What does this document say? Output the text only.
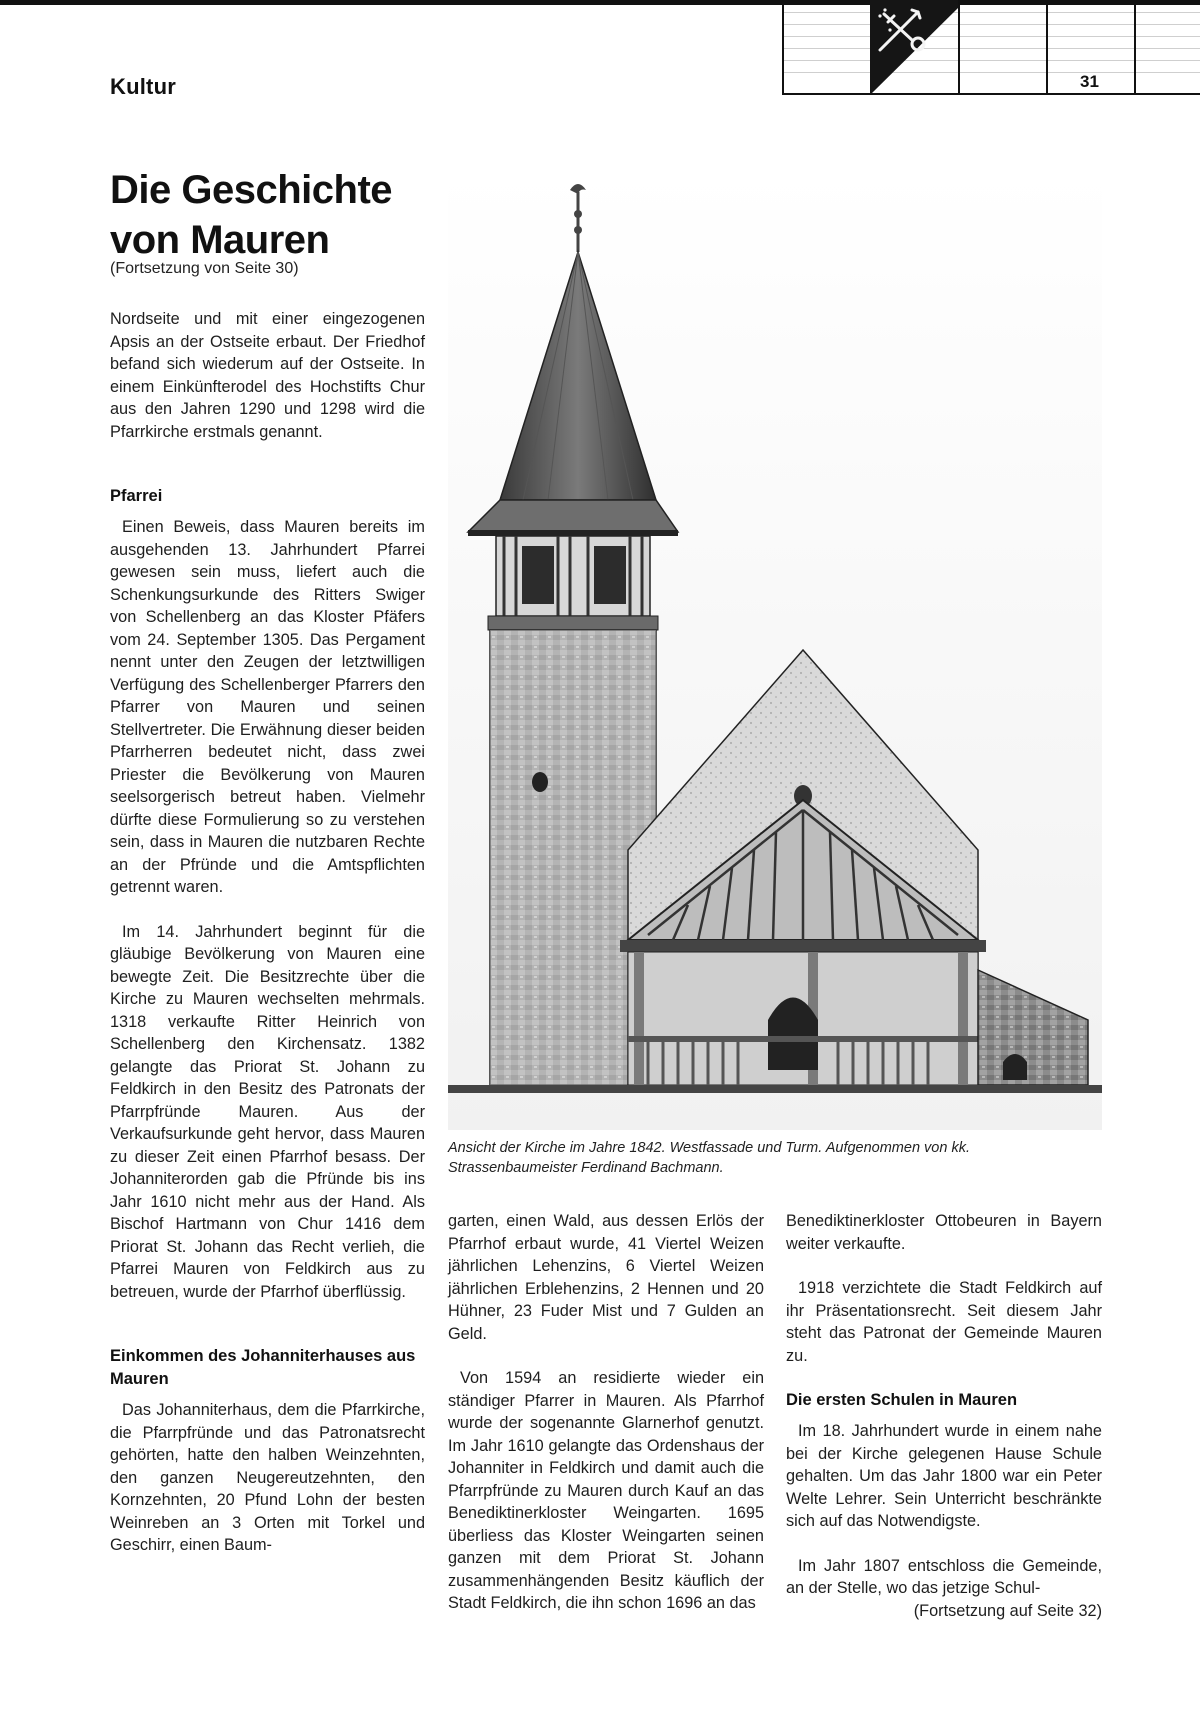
Kultur	31
Die Geschichte von Mauren
(Fortsetzung von Seite 30)

Nordseite und mit einer eingezogenen Apsis an der Ostseite erbaut. Der Friedhof befand sich wiederum auf der Ostseite. In einem Einkünfterodel des Hochstifts Chur aus den Jahren 1290 und 1298 wird die Pfarrkirche erstmals genannt.

Pfarrei

Einen Beweis, dass Mauren bereits im ausgehenden 13. Jahrhundert Pfarrei gewesen sein muss, liefert auch die Schenkungsurkunde des Ritters Swiger von Schellenberg an das Kloster Pfäfers vom 24. September 1305. Das Pergament nennt unter den Zeugen der letztwilligen Verfügung des Schellenberger Pfarrers den Pfarrer von Mauren und seinen Stellvertreter. Die Erwähnung dieser beiden Pfarrherren bedeutet nicht, dass zwei Priester die Bevölkerung von Mauren seelsorgerisch betreut haben. Vielmehr dürfte diese Formulierung so zu verstehen sein, dass in Mauren die nutzbaren Rechte an der Pfründe und die Amtspflichten getrennt waren.

Im 14. Jahrhundert beginnt für die gläubige Bevölkerung von Mauren eine bewegte Zeit. Die Besitzrechte über die Kirche zu Mauren wechselten mehrmals. 1318 verkaufte Ritter Heinrich von Schellenberg den Kirchensatz. 1382 gelangte das Priorat St. Johann zu Feldkirch in den Besitz des Patronats der Pfarrpfründe Mauren. Aus der Verkaufsurkunde geht hervor, dass Mauren zu dieser Zeit einen Pfarrhof besass. Der Johanniterorden gab die Pfründe bis ins Jahr 1610 nicht mehr aus der Hand. Als Bischof Hartmann von Chur 1416 dem Priorat St. Johann das Recht verlieh, die Pfarrei Mauren von Feldkirch aus zu betreuen, wurde der Pfarrhof überflüssig.

Einkommen des Johanniterhauses aus Mauren

Das Johanniterhaus, dem die Pfarrkirche, die Pfarrpfründe und das Patronatsrecht gehörten, hatte den halben Weinzehnten, den ganzen Neugereutzehnten, den Kornzehnten, 20 Pfund Lohn der besten Weinreben an 3 Orten mit Torkel und Geschirr, einen Baum-

Ansicht der Kirche im Jahre 1842. Westfassade und Turm. Aufgenommen von kk. Strassenbaumeister Ferdinand Bachmann.

garten, einen Wald, aus dessen Erlös der Pfarrhof erbaut wurde, 41 Viertel Weizen jährlichen Lehenzins, 6 Viertel Weizen jährlichen Erblehenzins, 2 Hennen und 20 Hühner, 23 Fuder Mist und 7 Gulden an Geld.

Von 1594 an residierte wieder ein ständiger Pfarrer in Mauren. Als Pfarrhof wurde der sogenannte Glarnerhof genutzt. Im Jahr 1610 gelangte das Ordenshaus der Johanniter in Feldkirch und damit auch die Pfarrpfründe zu Mauren durch Kauf an das Benediktinerkloster Weingarten. 1695 überliess das Kloster Weingarten seinen ganzen mit dem Priorat St. Johann zusammenhängenden Besitz käuflich der Stadt Feldkirch, die ihn schon 1696 an das

Benediktinerkloster Ottobeuren in Bayern weiter verkaufte.

1918 verzichtete die Stadt Feldkirch auf ihr Präsentationsrecht. Seit diesem Jahr steht das Patronat der Gemeinde Mauren zu.

Die ersten Schulen in Mauren

Im 18. Jahrhundert wurde in einem nahe bei der Kirche gelegenen Hause Schule gehalten. Um das Jahr 1800 war ein Peter Welte Lehrer. Sein Unterricht beschränkte sich auf das Notwendigste.

Im Jahr 1807 entschloss die Gemeinde, an der Stelle, wo das jetzige Schul-

(Fortsetzung auf Seite 32)
